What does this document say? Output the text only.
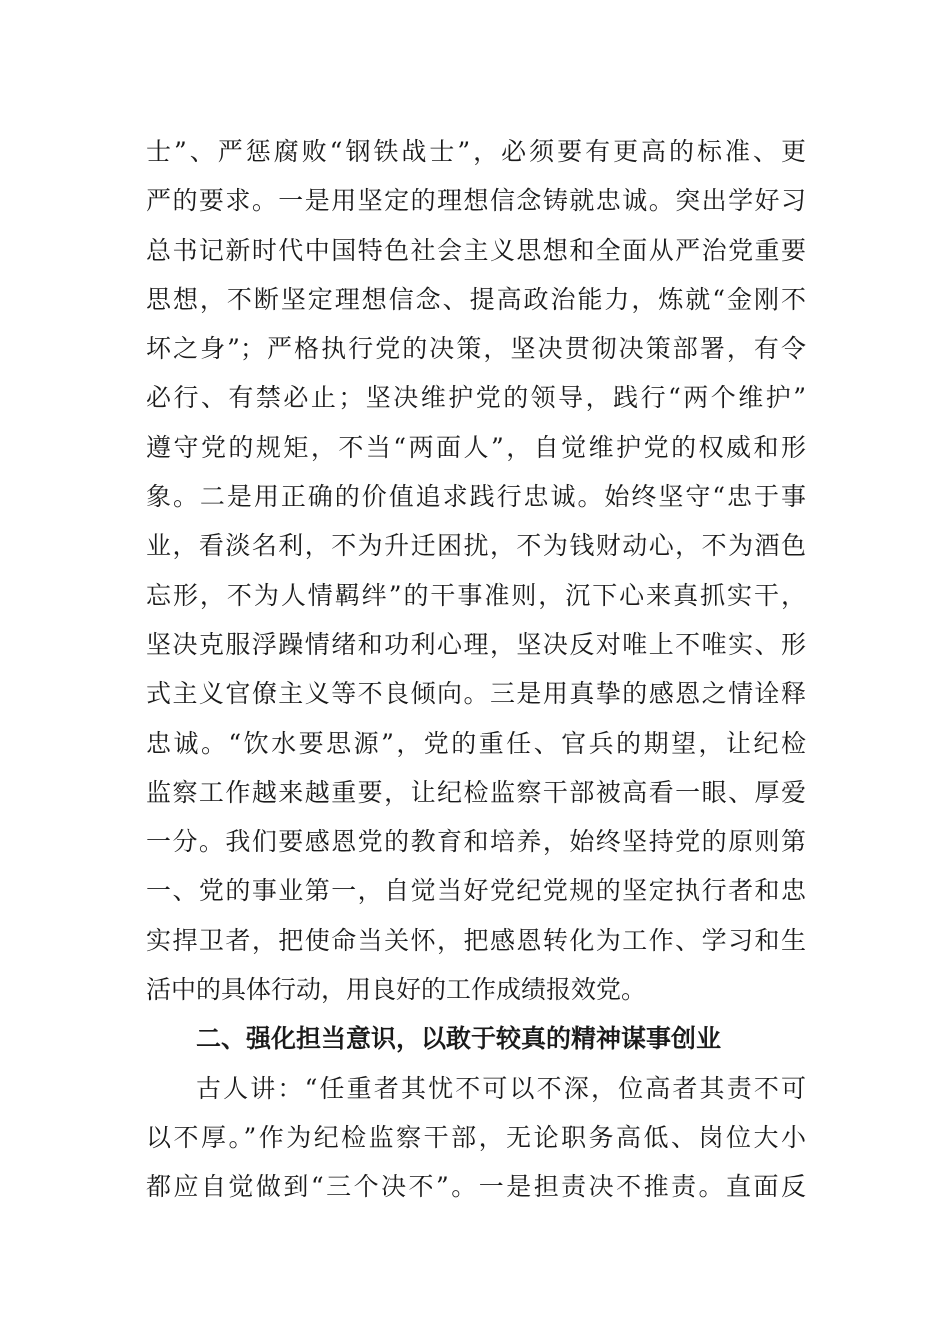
士”、严惩腐败“钢铁战士”，必须要有更高的标准、更
严的要求。一是用坚定的理想信念铸就忠诚。突出学好习
总书记新时代中国特色社会主义思想和全面从严治党重要
思想，不断坚定理想信念、提高政治能力，炼就“金刚不
坏之身”；严格执行党的决策，坚决贯彻决策部署，有令
必行、有禁必止；坚决维护党的领导，践行“两个维护”
遵守党的规矩，不当“两面人”，自觉维护党的权威和形
象。二是用正确的价值追求践行忠诚。始终坚守“忠于事
业，看淡名利，不为升迁困扰，不为钱财动心，不为酒色
忘形，不为人情羁绊”的干事准则，沉下心来真抓实干，
坚决克服浮躁情绪和功利心理，坚决反对唯上不唯实、形
式主义官僚主义等不良倾向。三是用真挚的感恩之情诠释
忠诚。“饮水要思源”，党的重任、官兵的期望，让纪检
监察工作越来越重要，让纪检监察干部被高看一眼、厚爱
一分。我们要感恩党的教育和培养，始终坚持党的原则第
一、党的事业第一，自觉当好党纪党规的坚定执行者和忠
实捍卫者，把使命当关怀，把感恩转化为工作、学习和生
活中的具体行动，用良好的工作成绩报效党。
二、强化担当意识，以敢于较真的精神谋事创业
古人讲：“任重者其忧不可以不深，位高者其责不可
以不厚。”作为纪检监察干部，无论职务高低、岗位大小
都应自觉做到“三个决不”。一是担责决不推责。直面反
